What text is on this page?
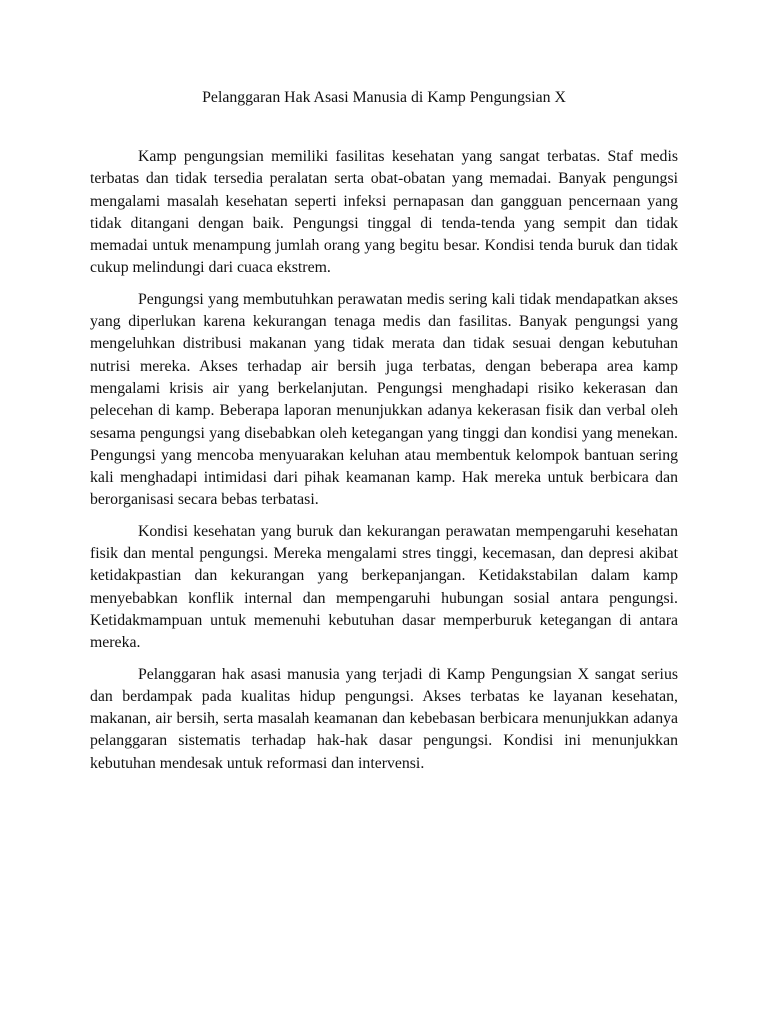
Pelanggaran Hak Asasi Manusia di Kamp Pengungsian X

Kamp pengungsian memiliki fasilitas kesehatan yang sangat terbatas. Staf medis terbatas dan tidak tersedia peralatan serta obat-obatan yang memadai. Banyak pengungsi mengalami masalah kesehatan seperti infeksi pernapasan dan gangguan pencernaan yang tidak ditangani dengan baik. Pengungsi tinggal di tenda-tenda yang sempit dan tidak memadai untuk menampung jumlah orang yang begitu besar. Kondisi tenda buruk dan tidak cukup melindungi dari cuaca ekstrem.

Pengungsi yang membutuhkan perawatan medis sering kali tidak mendapatkan akses yang diperlukan karena kekurangan tenaga medis dan fasilitas. Banyak pengungsi yang mengeluhkan distribusi makanan yang tidak merata dan tidak sesuai dengan kebutuhan nutrisi mereka. Akses terhadap air bersih juga terbatas, dengan beberapa area kamp mengalami krisis air yang berkelanjutan. Pengungsi menghadapi risiko kekerasan dan pelecehan di kamp. Beberapa laporan menunjukkan adanya kekerasan fisik dan verbal oleh sesama pengungsi yang disebabkan oleh ketegangan yang tinggi dan kondisi yang menekan. Pengungsi yang mencoba menyuarakan keluhan atau membentuk kelompok bantuan sering kali menghadapi intimidasi dari pihak keamanan kamp. Hak mereka untuk berbicara dan berorganisasi secara bebas terbatasi.

Kondisi kesehatan yang buruk dan kekurangan perawatan mempengaruhi kesehatan fisik dan mental pengungsi. Mereka mengalami stres tinggi, kecemasan, dan depresi akibat ketidakpastian dan kekurangan yang berkepanjangan. Ketidakstabilan dalam kamp menyebabkan konflik internal dan mempengaruhi hubungan sosial antara pengungsi. Ketidakmampuan untuk memenuhi kebutuhan dasar memperburuk ketegangan di antara mereka.

Pelanggaran hak asasi manusia yang terjadi di Kamp Pengungsian X sangat serius dan berdampak pada kualitas hidup pengungsi. Akses terbatas ke layanan kesehatan, makanan, air bersih, serta masalah keamanan dan kebebasan berbicara menunjukkan adanya pelanggaran sistematis terhadap hak-hak dasar pengungsi. Kondisi ini menunjukkan kebutuhan mendesak untuk reformasi dan intervensi.
